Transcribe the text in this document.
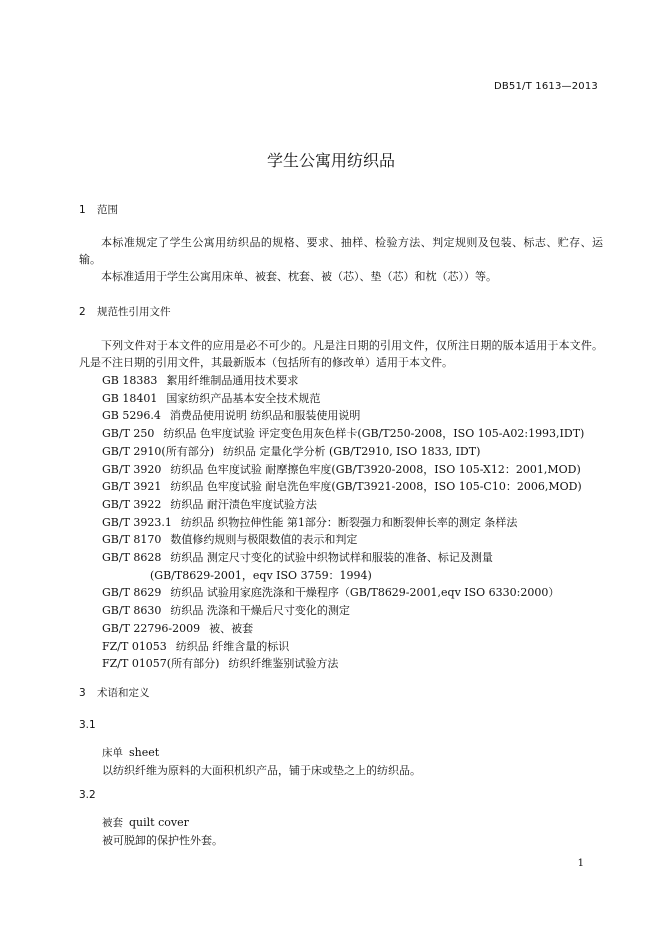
DB51/T 1613—2013
学生公寓用纺织品
1 范围
本标准规定了学生公寓用纺织品的规格、要求、抽样、检验方法、判定规则及包装、标志、贮存、运输。
本标准适用于学生公寓用床单、被套、枕套、被（芯）、垫（芯）和枕（芯））等。
2 规范性引用文件
下列文件对于本文件的应用是必不可少的。凡是注日期的引用文件，仅所注日期的版本适用于本文件。凡是不注日期的引用文件，其最新版本（包括所有的修改单）适用于本文件。
GB 18383 絮用纤维制品通用技术要求
GB 18401 国家纺织产品基本安全技术规范
GB 5296.4 消费品使用说明 纺织品和服装使用说明
GB/T 250 纺织品 色牢度试验 评定变色用灰色样卡(GB/T250-2008，ISO 105-A02:1993,IDT)
GB/T 2910(所有部分) 纺织品 定量化学分析 (GB/T2910, ISO 1833, IDT)
GB/T 3920 纺织品 色牢度试验 耐摩擦色牢度(GB/T3920-2008，ISO 105-X12：2001,MOD)
GB/T 3921 纺织品 色牢度试验 耐皂洗色牢度(GB/T3921-2008，ISO 105-C10：2006,MOD)
GB/T 3922 纺织品 耐汗渍色牢度试验方法
GB/T 3923.1 纺织品 织物拉伸性能 第1部分：断裂强力和断裂伸长率的测定 条样法
GB/T 8170 数值修约规则与极限数值的表示和判定
GB/T 8628 纺织品 测定尺寸变化的试验中织物试样和服装的准备、标记及测量
(GB/T8629-2001，eqv ISO 3759：1994)
GB/T 8629 纺织品 试验用家庭洗涤和干燥程序（GB/T8629-2001,eqv ISO 6330:2000）
GB/T 8630 纺织品 洗涤和干燥后尺寸变化的测定
GB/T 22796-2009 被、被套
FZ/T 01053 纺织品 纤维含量的标识
FZ/T 01057(所有部分) 纺织纤维鉴别试验方法
3 术语和定义
3.1
床单 sheet
以纺织纤维为原料的大面积机织产品，铺于床或垫之上的纺织品。
3.2
被套 quilt cover
被可脱卸的保护性外套。
1
